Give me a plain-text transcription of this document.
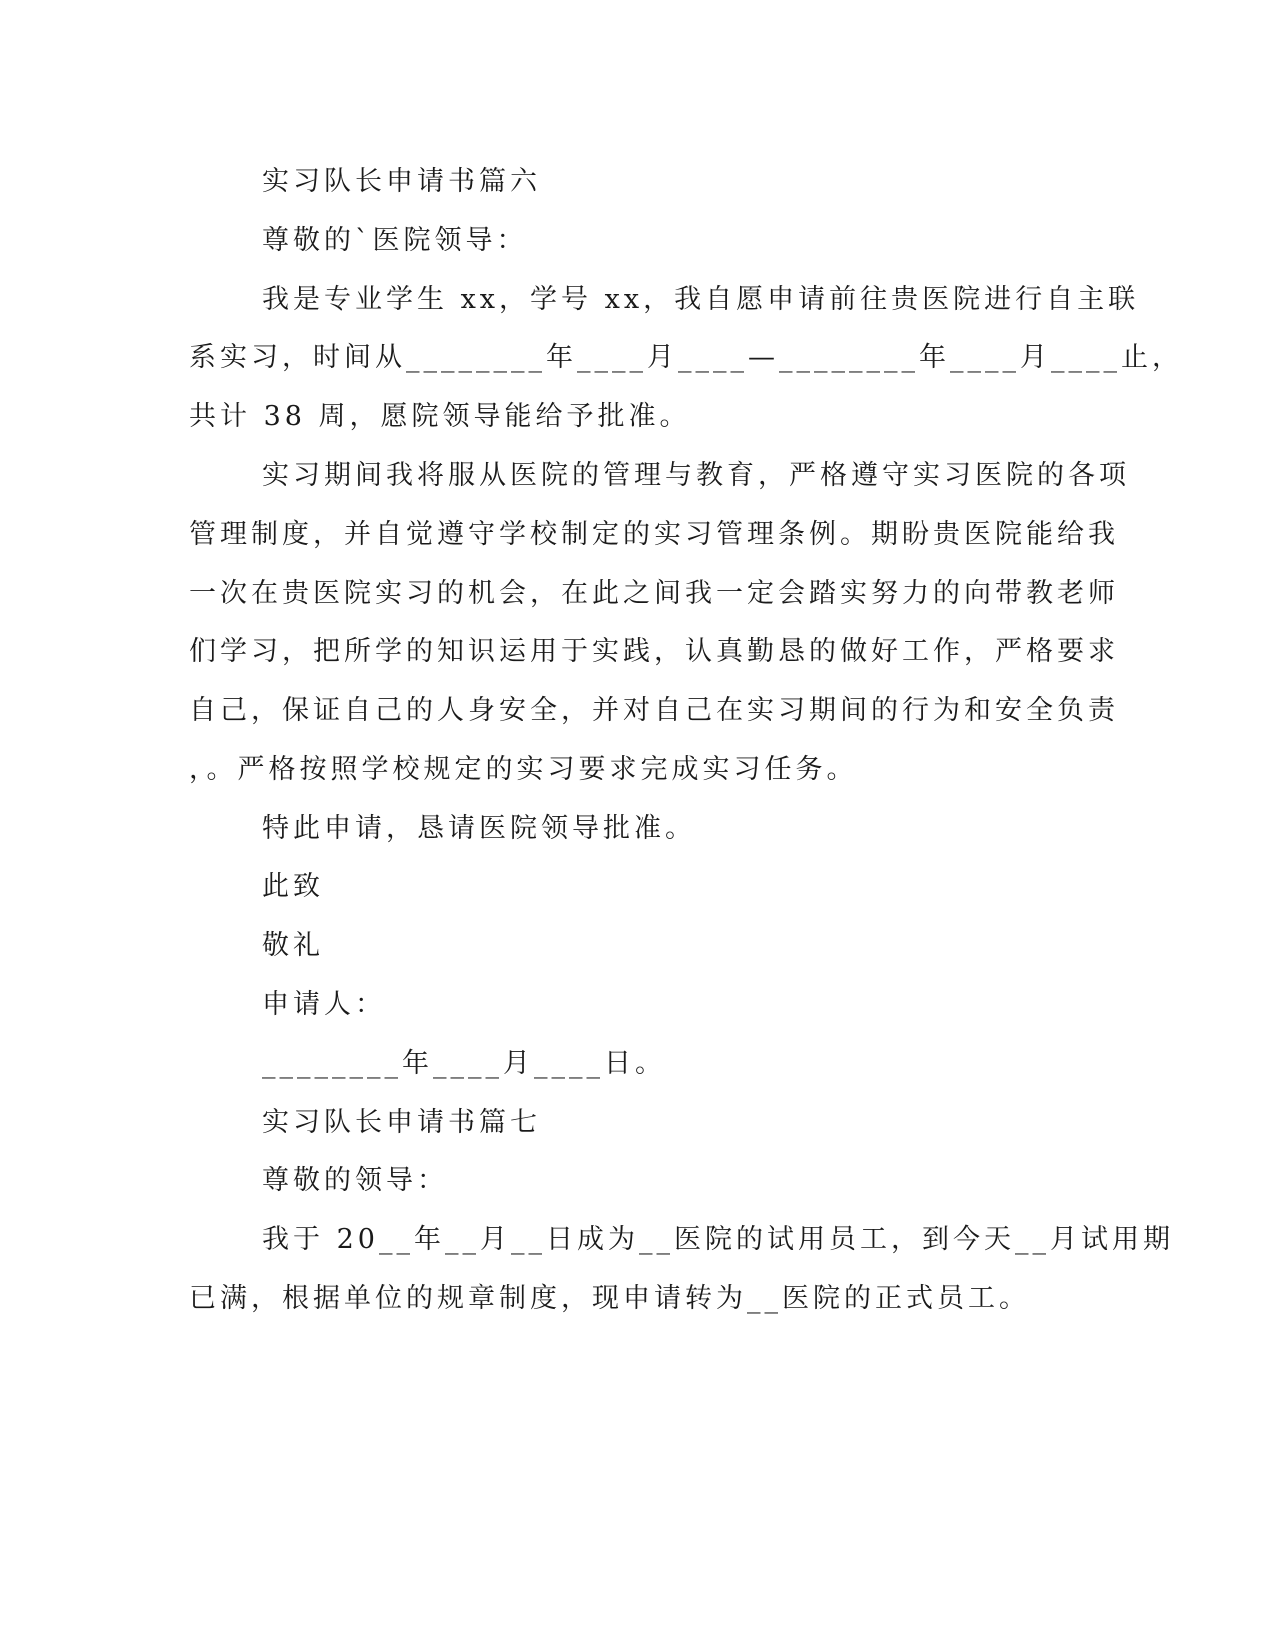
实习队长申请书篇六
尊敬的`医院领导：
我是专业学生 xx，学号 xx，我自愿申请前往贵医院进行自主联
系实习，时间从________年____月____—________年____月____止，
共计 38 周，愿院领导能给予批准。
实习期间我将服从医院的管理与教育，严格遵守实习医院的各项
管理制度，并自觉遵守学校制定的实习管理条例。期盼贵医院能给我
一次在贵医院实习的机会，在此之间我一定会踏实努力的向带教老师
们学习，把所学的知识运用于实践，认真勤恳的做好工作，严格要求
自己，保证自己的人身安全，并对自己在实习期间的行为和安全负责
，。严格按照学校规定的实习要求完成实习任务。
特此申请，恳请医院领导批准。
此致
敬礼
申请人：
________年____月____日。
实习队长申请书篇七
尊敬的领导：
我于 20__年__月__日成为__医院的试用员工，到今天__月试用期
已满，根据单位的规章制度，现申请转为__医院的正式员工。
